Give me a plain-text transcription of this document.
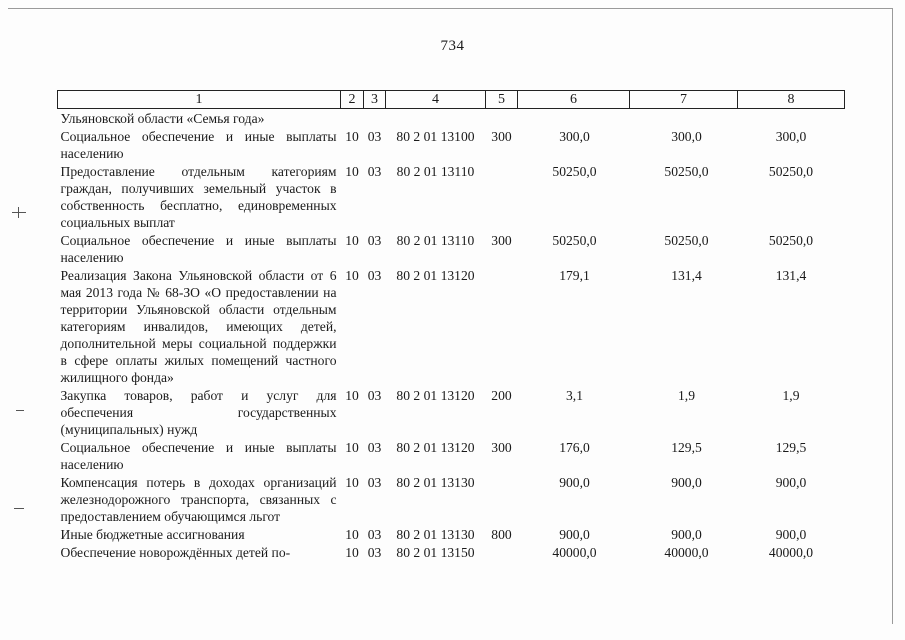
734
1	2	3	4	5	6	7	8
Ульяновской области «Семья года»							
Социальное обеспечение и иные выплаты населению	10	03	80 2 01 13100	300	300,0	300,0	300,0
Предоставление отдельным категориям граждан, получивших земельный участок в собственность бесплатно, единовременных социальных выплат	10	03	80 2 01 13110		50250,0	50250,0	50250,0
Социальное обеспечение и иные выплаты населению	10	03	80 2 01 13110	300	50250,0	50250,0	50250,0
Реализация Закона Ульяновской области от 6 мая 2013 года № 68-ЗО «О предоставлении на территории Ульяновской области отдельным категориям инвалидов, имеющих детей, дополнительной меры социальной поддержки в сфере оплаты жилых помещений частного жилищного фонда»	10	03	80 2 01 13120		179,1	131,4	131,4
Закупка товаров, работ и услуг для обеспечения государственных (муниципальных) нужд	10	03	80 2 01 13120	200	3,1	1,9	1,9
Социальное обеспечение и иные выплаты населению	10	03	80 2 01 13120	300	176,0	129,5	129,5
Компенсация потерь в доходах организаций железнодорожного транспорта, связанных с предоставлением обучающимся льгот	10	03	80 2 01 13130		900,0	900,0	900,0
Иные бюджетные ассигнования	10	03	80 2 01 13130	800	900,0	900,0	900,0
Обеспечение новорождённых детей по-	10	03	80 2 01 13150		40000,0	40000,0	40000,0
